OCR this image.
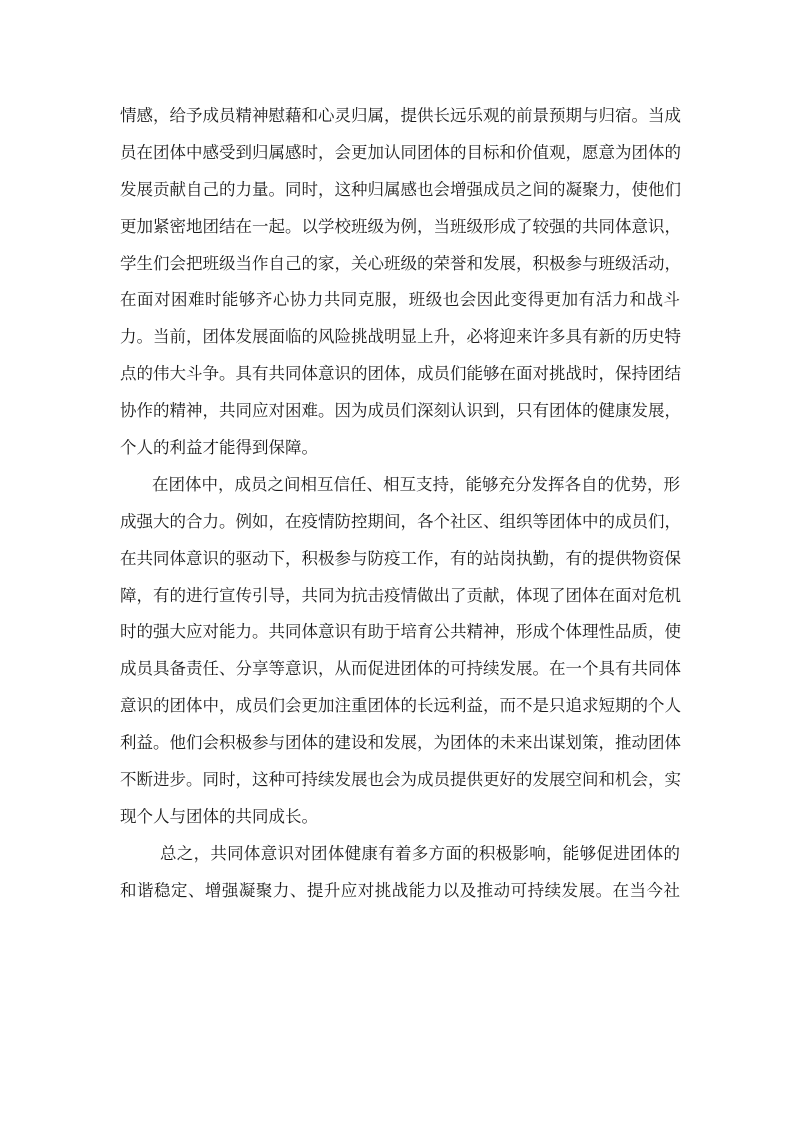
情感，给予成员精神慰藉和心灵归属，提供长远乐观的前景预期与归宿。当成
员在团体中感受到归属感时，会更加认同团体的目标和价值观，愿意为团体的
发展贡献自己的力量。同时，这种归属感也会增强成员之间的凝聚力，使他们
更加紧密地团结在一起。以学校班级为例，当班级形成了较强的共同体意识，
学生们会把班级当作自己的家，关心班级的荣誉和发展，积极参与班级活动，
在面对困难时能够齐心协力共同克服，班级也会因此变得更加有活力和战斗
力。当前，团体发展面临的风险挑战明显上升，必将迎来许多具有新的历史特
点的伟大斗争。具有共同体意识的团体，成员们能够在面对挑战时，保持团结
协作的精神，共同应对困难。因为成员们深刻认识到，只有团体的健康发展，
个人的利益才能得到保障。
在团体中，成员之间相互信任、相互支持，能够充分发挥各自的优势，形
成强大的合力。例如，在疫情防控期间，各个社区、组织等团体中的成员们，
在共同体意识的驱动下，积极参与防疫工作，有的站岗执勤，有的提供物资保
障，有的进行宣传引导，共同为抗击疫情做出了贡献，体现了团体在面对危机
时的强大应对能力。共同体意识有助于培育公共精神，形成个体理性品质，使
成员具备责任、分享等意识，从而促进团体的可持续发展。在一个具有共同体
意识的团体中，成员们会更加注重团体的长远利益，而不是只追求短期的个人
利益。他们会积极参与团体的建设和发展，为团体的未来出谋划策，推动团体
不断进步。同时，这种可持续发展也会为成员提供更好的发展空间和机会，实
现个人与团体的共同成长。
总之，共同体意识对团体健康有着多方面的积极影响，能够促进团体的
和谐稳定、增强凝聚力、提升应对挑战能力以及推动可持续发展。在当今社
